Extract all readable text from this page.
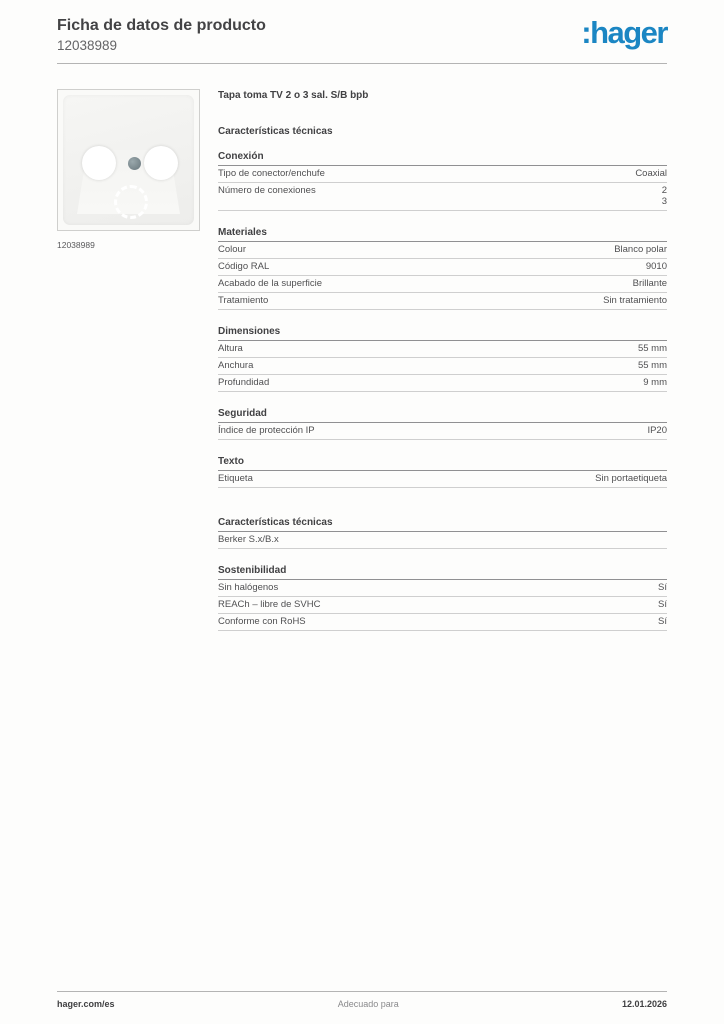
Ficha de datos de producto
12038989	:hager
12038989
Tapa toma TV 2 o 3 sal. S/B bpb
Características técnicas
Conexión
Tipo de conector/enchufe	Coaxial
Número de conexiones	2
3
Materiales
Colour	Blanco polar
Código RAL	9010
Acabado de la superficie	Brillante
Tratamiento	Sin tratamiento
Dimensiones
Altura	55 mm
Anchura	55 mm
Profundidad	9 mm
Seguridad
Índice de protección IP	IP20
Texto
Etiqueta	Sin portaetiqueta
Características técnicas
Berker S.x/B.x
Sostenibilidad
Sin halógenos	Sí
REACh – libre de SVHC	Sí
Conforme con RoHS	Sí
hager.com/es	Adecuado para	12.01.2026
